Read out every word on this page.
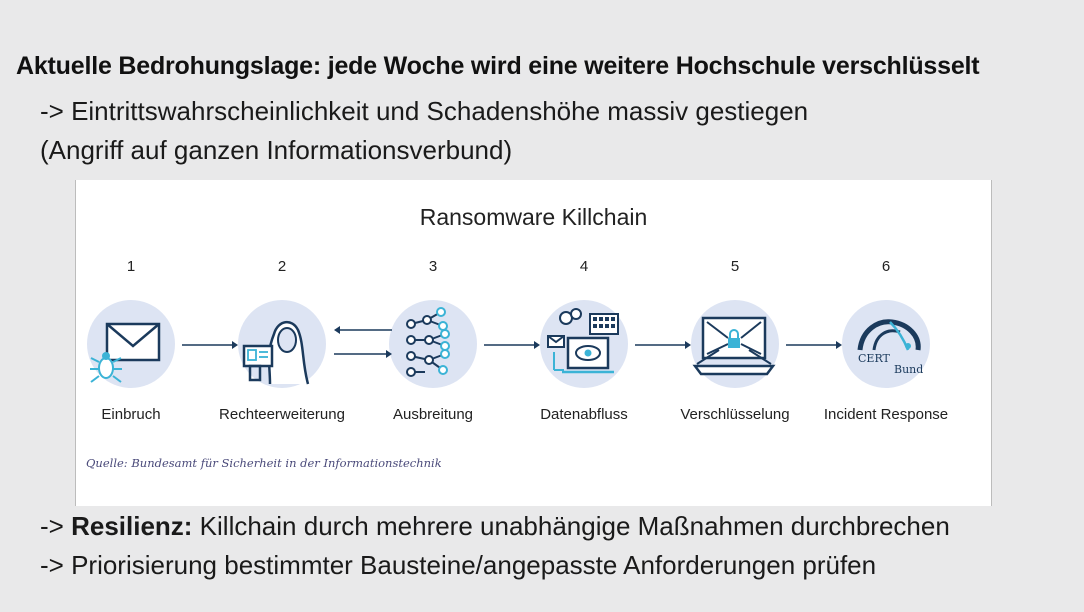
Aktuelle Bedrohungslage: jede Woche wird eine weitere Hochschule verschlüsselt
-> Eintrittswahrscheinlichkeit und Schadenshöhe massiv gestiegen
(Angriff auf ganzen Informationsverbund)
Ransomware Killchain
1
Einbruch
2
Rechteerweiterung
3
Ausbreitung
4
Datenabfluss
5
Verschlüsselung
6
CERT
Bund
Incident Response
Quelle: Bundesamt für Sicherheit in der Informationstechnik
-> Resilienz: Killchain durch mehrere unabhängige Maßnahmen durchbrechen
-> Priorisierung bestimmter Bausteine/angepasste Anforderungen prüfen
